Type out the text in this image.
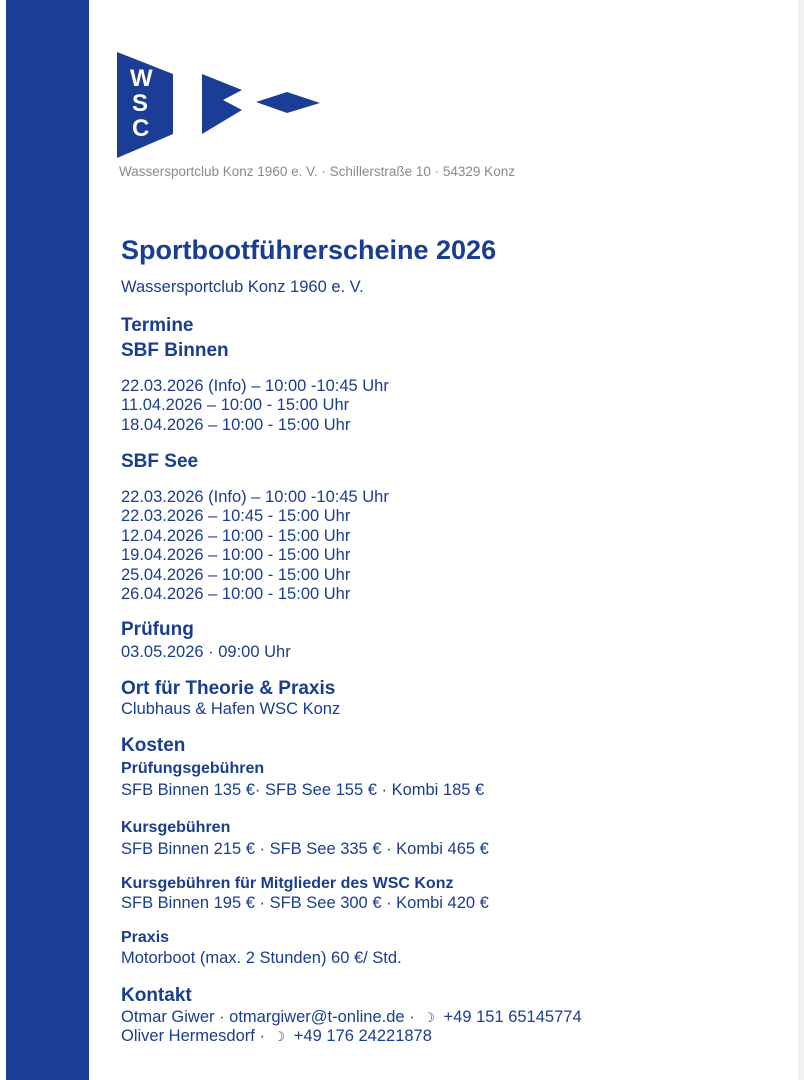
W
S
C
Wassersportclub Konz 1960 e. V. · Schillerstraße 10 · 54329 Konz
Sportbootführerscheine 2026
Wassersportclub Konz 1960 e. V.
Termine
SBF Binnen
22.03.2026 (Info) – 10:00 -10:45 Uhr
11.04.2026 – 10:00 - 15:00 Uhr
18.04.2026 – 10:00 - 15:00 Uhr
SBF See
22.03.2026 (Info) – 10:00 -10:45 Uhr
22.03.2026 – 10:45 - 15:00 Uhr
12.04.2026 – 10:00 - 15:00 Uhr
19.04.2026 – 10:00 - 15:00 Uhr
25.04.2026 – 10:00 - 15:00 Uhr
26.04.2026 – 10:00 - 15:00 Uhr
Prüfung
03.05.2026 · 09:00 Uhr
Ort für Theorie & Praxis
Clubhaus & Hafen WSC Konz
Kosten
Prüfungsgebühren
SFB Binnen 135 €· SFB See 155 € · Kombi 185 €
Kursgebühren
SFB Binnen 215 € · SFB See 335 € · Kombi 465 €
Kursgebühren für Mitglieder des WSC Konz
SFB Binnen 195 € · SFB See 300 € · Kombi 420 €
Praxis
Motorboot (max. 2 Stunden) 60 €/ Std.
Kontakt
Otmar Giwer · otmargiwer@t-online.de · ☽ +49 151 65145774
Oliver Hermesdorf · ☽ +49 176 24221878
